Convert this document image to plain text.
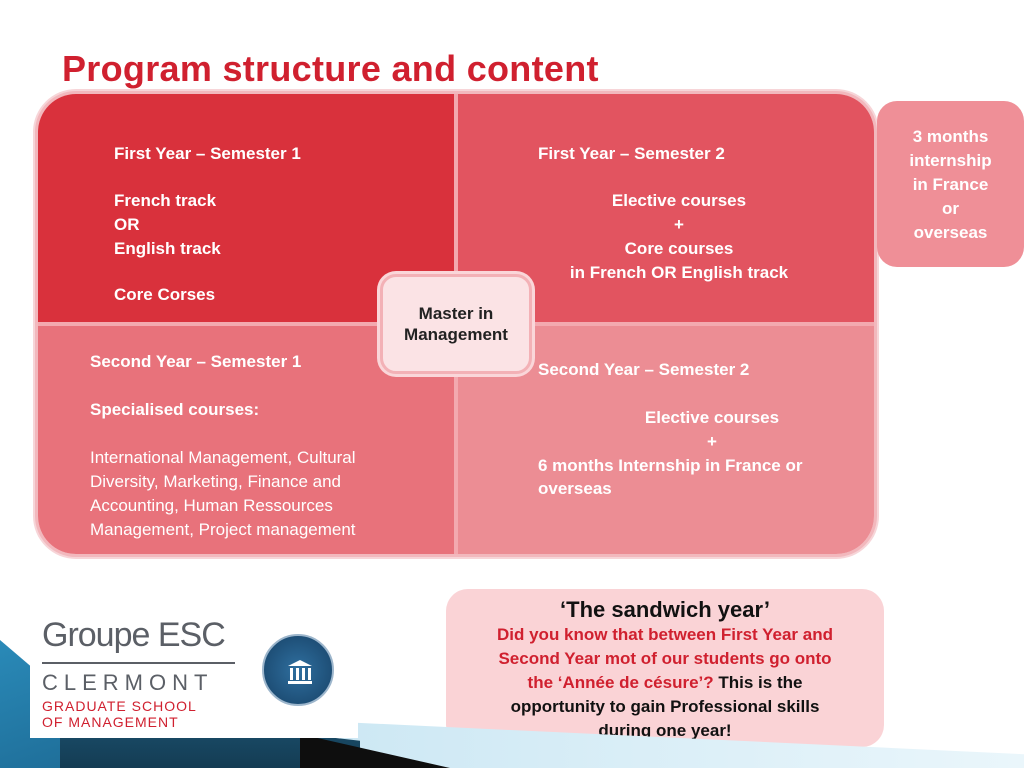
Program structure and content
First Year – Semester 1
French track
OR
English track
Core Corses
First Year – Semester 2
Elective courses
+
Core courses
in French OR English track
Second Year – Semester 1
Specialised courses:
International Management, Cultural
Diversity, Marketing, Finance and
Accounting, Human Ressources
Management, Project management
Second Year – Semester 2
Elective courses
+
6 months Internship in France or
overseas
Master in
Management
3 months
internship
in France
or
overseas
‘The sandwich year’
Did you know that between First Year and
Second Year mot of our students go onto
the ‘Année de césure’? This is the
opportunity to gain Professional skills
during one year!
Groupe ESC
CLERMONT
GRADUATE SCHOOL
OF MANAGEMENT
